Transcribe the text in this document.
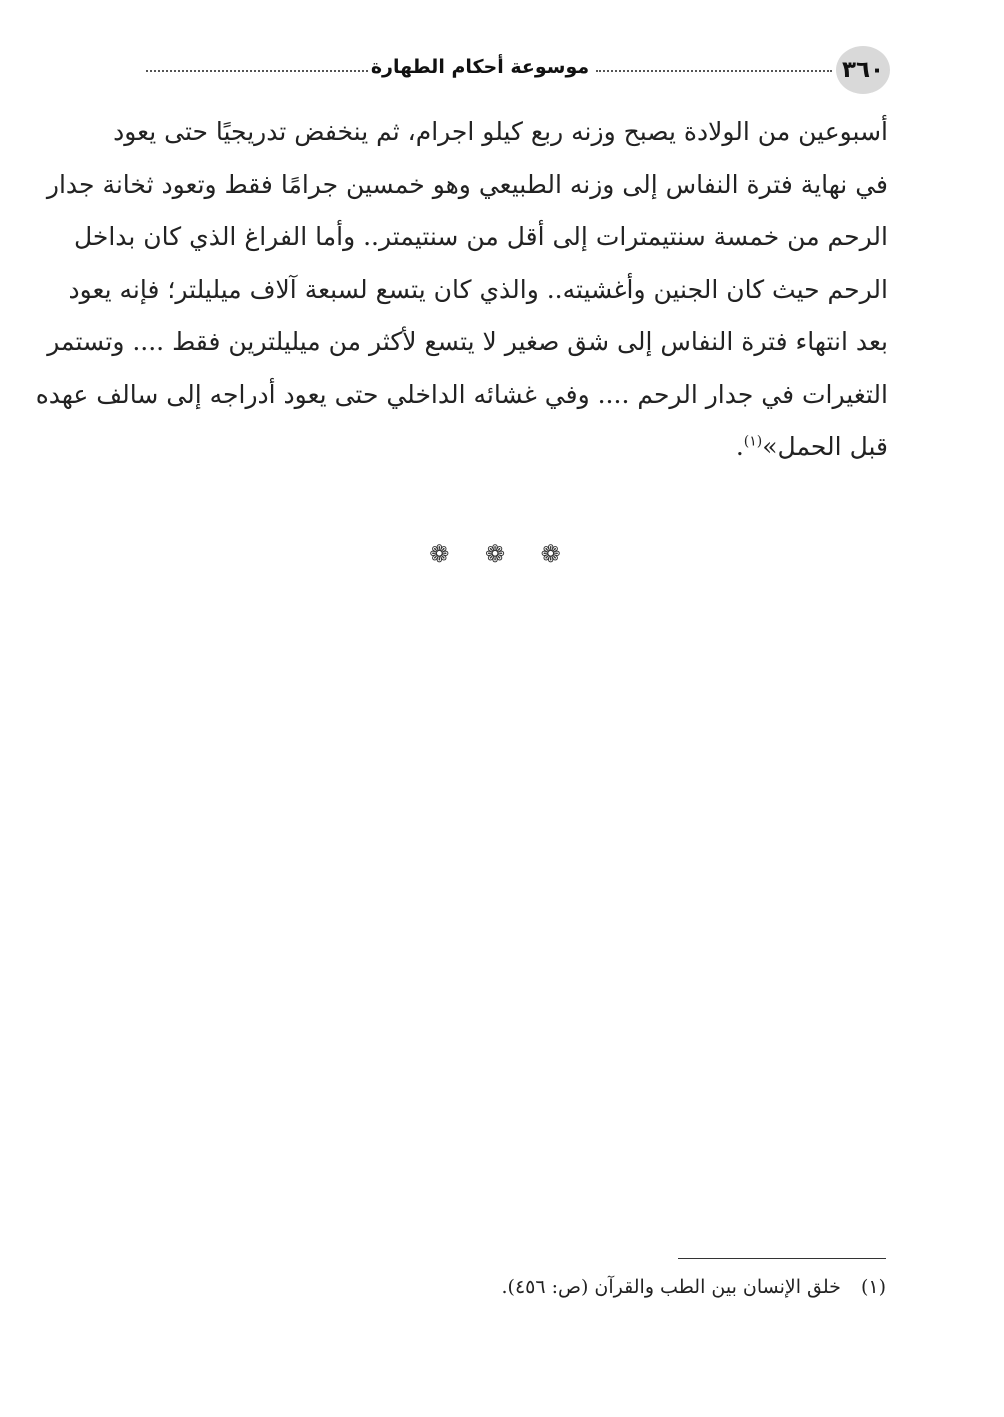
٣٦٠
موسوعة أحكام الطهارة
أسبوعين من الولادة يصبح وزنه ربع كيلو اجرام، ثم ينخفض تدريجيًا حتى يعود
في نهاية فترة النفاس إلى وزنه الطبيعي وهو خمسين جرامًا فقط وتعود ثخانة جدار
الرحم من خمسة سنتيمترات إلى أقل من سنتيمتر.. وأما الفراغ الذي كان بداخل
الرحم حيث كان الجنين وأغشيته.. والذي كان يتسع لسبعة آلاف ميليلتر؛ فإنه يعود
بعد انتهاء فترة النفاس إلى شق صغير لا يتسع لأكثر من ميليلترين فقط .... وتستمر
التغيرات في جدار الرحم .... وفي غشائه الداخلي حتى يعود أدراجه إلى سالف عهده
قبل الحمل»$^{(١)}$.
❁ ❁ ❁
(١)خلق الإنسان بين الطب والقرآن (ص: ٤٥٦).
